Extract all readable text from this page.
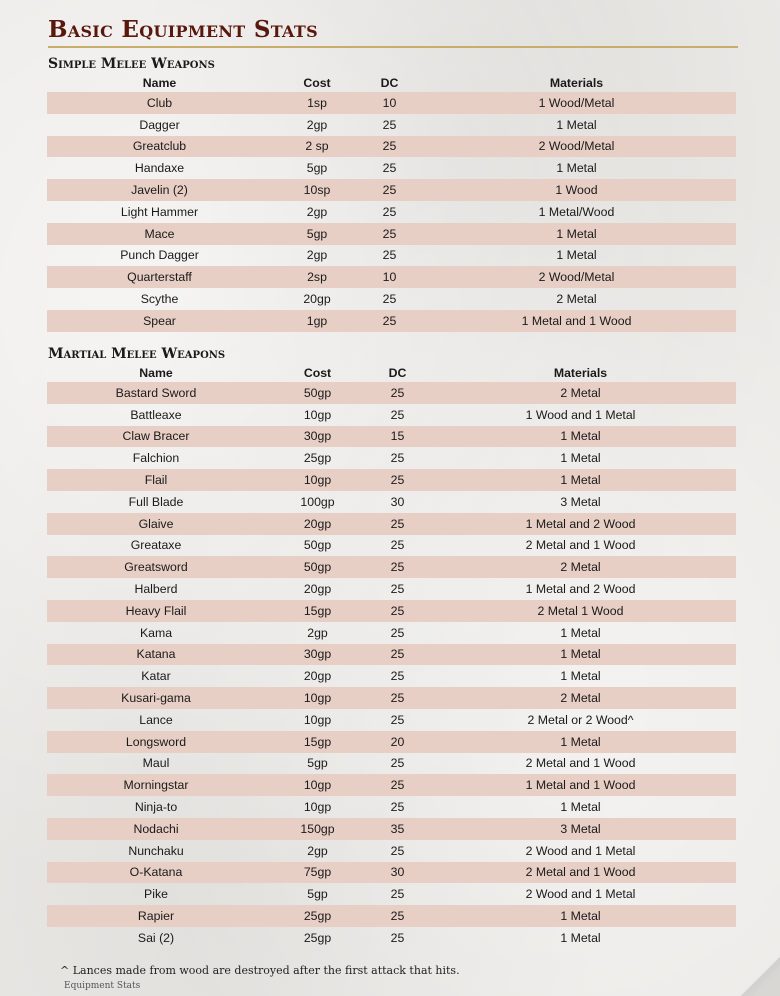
Basic Equipment Stats
Simple Melee Weapons
Name	Cost	DC	Materials
Club	1sp	10	1 Wood/Metal
Dagger	2gp	25	1 Metal
Greatclub	2 sp	25	2 Wood/Metal
Handaxe	5gp	25	1 Metal
Javelin (2)	10sp	25	1 Wood
Light Hammer	2gp	25	1 Metal/Wood
Mace	5gp	25	1 Metal
Punch Dagger	2gp	25	1 Metal
Quarterstaff	2sp	10	2 Wood/Metal
Scythe	20gp	25	2 Metal
Spear	1gp	25	1 Metal and 1 Wood
Martial Melee Weapons
Name	Cost	DC	Materials
Bastard Sword	50gp	25	2 Metal
Battleaxe	10gp	25	1 Wood and 1 Metal
Claw Bracer	30gp	15	1 Metal
Falchion	25gp	25	1 Metal
Flail	10gp	25	1 Metal
Full Blade	100gp	30	3 Metal
Glaive	20gp	25	1 Metal and 2 Wood
Greataxe	50gp	25	2 Metal and 1 Wood
Greatsword	50gp	25	2 Metal
Halberd	20gp	25	1 Metal and 2 Wood
Heavy Flail	15gp	25	2 Metal 1 Wood
Kama	2gp	25	1 Metal
Katana	30gp	25	1 Metal
Katar	20gp	25	1 Metal
Kusari-gama	10gp	25	2 Metal
Lance	10gp	25	2 Metal or 2 Wood^
Longsword	15gp	20	1 Metal
Maul	5gp	25	2 Metal and 1 Wood
Morningstar	10gp	25	1 Metal and 1 Wood
Ninja-to	10gp	25	1 Metal
Nodachi	150gp	35	3 Metal
Nunchaku	2gp	25	2 Wood and 1 Metal
O-Katana	75gp	30	2 Metal and 1 Wood
Pike	5gp	25	2 Wood and 1 Metal
Rapier	25gp	25	1 Metal
Sai (2)	25gp	25	1 Metal
^ Lances made from wood are destroyed after the first attack that hits.
Equipment Stats
